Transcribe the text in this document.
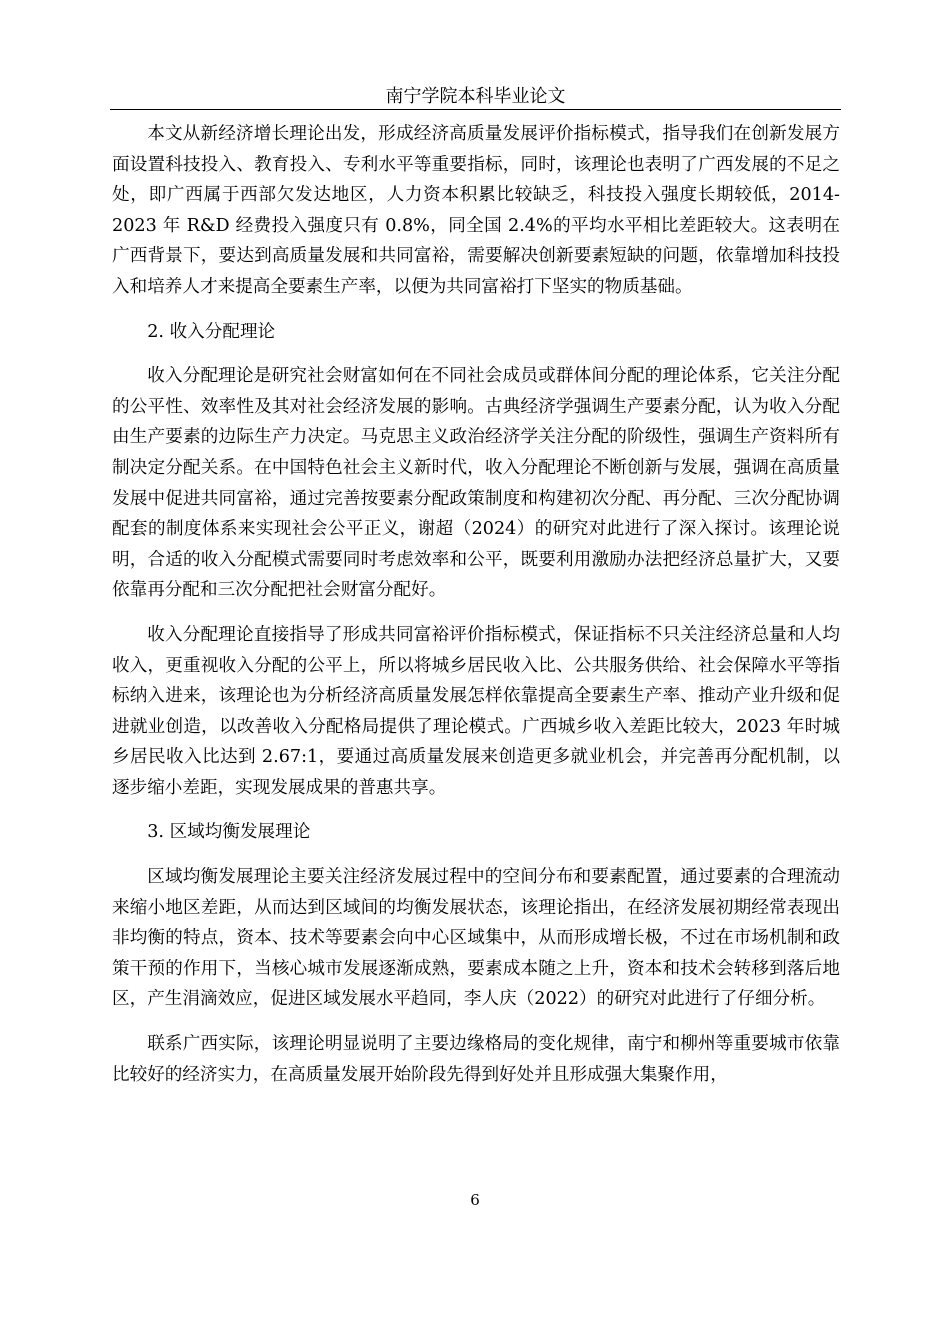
南宁学院本科毕业论文

本文从新经济增长理论出发，形成经济高质量发展评价指标模式，指导我们在创新发展方面设置科技投入、教育投入、专利水平等重要指标，同时，该理论也表明了广西发展的不足之处，即广西属于西部欠发达地区，人力资本积累比较缺乏，科技投入强度长期较低，2014-2023 年 R&D 经费投入强度只有 0.8%，同全国 2.4%的平均水平相比差距较大。这表明在广西背景下，要达到高质量发展和共同富裕，需要解决创新要素短缺的问题，依靠增加科技投入和培养人才来提高全要素生产率，以便为共同富裕打下坚实的物质基础。

2. 收入分配理论

收入分配理论是研究社会财富如何在不同社会成员或群体间分配的理论体系，它关注分配的公平性、效率性及其对社会经济发展的影响。古典经济学强调生产要素分配，认为收入分配由生产要素的边际生产力决定。马克思主义政治经济学关注分配的阶级性，强调生产资料所有制决定分配关系。在中国特色社会主义新时代，收入分配理论不断创新与发展，强调在高质量发展中促进共同富裕，通过完善按要素分配政策制度和构建初次分配、再分配、三次分配协调配套的制度体系来实现社会公平正义，谢超（2024）的研究对此进行了深入探讨。该理论说明，合适的收入分配模式需要同时考虑效率和公平，既要利用激励办法把经济总量扩大，又要依靠再分配和三次分配把社会财富分配好。

收入分配理论直接指导了形成共同富裕评价指标模式，保证指标不只关注经济总量和人均收入，更重视收入分配的公平上，所以将城乡居民收入比、公共服务供给、社会保障水平等指标纳入进来，该理论也为分析经济高质量发展怎样依靠提高全要素生产率、推动产业升级和促进就业创造，以改善收入分配格局提供了理论模式。广西城乡收入差距比较大，2023 年时城乡居民收入比达到 2.67:1，要通过高质量发展来创造更多就业机会，并完善再分配机制，以逐步缩小差距，实现发展成果的普惠共享。

3. 区域均衡发展理论

区域均衡发展理论主要关注经济发展过程中的空间分布和要素配置，通过要素的合理流动来缩小地区差距，从而达到区域间的均衡发展状态，该理论指出，在经济发展初期经常表现出非均衡的特点，资本、技术等要素会向中心区域集中，从而形成增长极，不过在市场机制和政策干预的作用下，当核心城市发展逐渐成熟，要素成本随之上升，资本和技术会转移到落后地区，产生涓滴效应，促进区域发展水平趋同，李人庆（2022）的研究对此进行了仔细分析。

联系广西实际，该理论明显说明了主要边缘格局的变化规律，南宁和柳州等重要城市依靠比较好的经济实力，在高质量发展开始阶段先得到好处并且形成强大集聚作用，

6
